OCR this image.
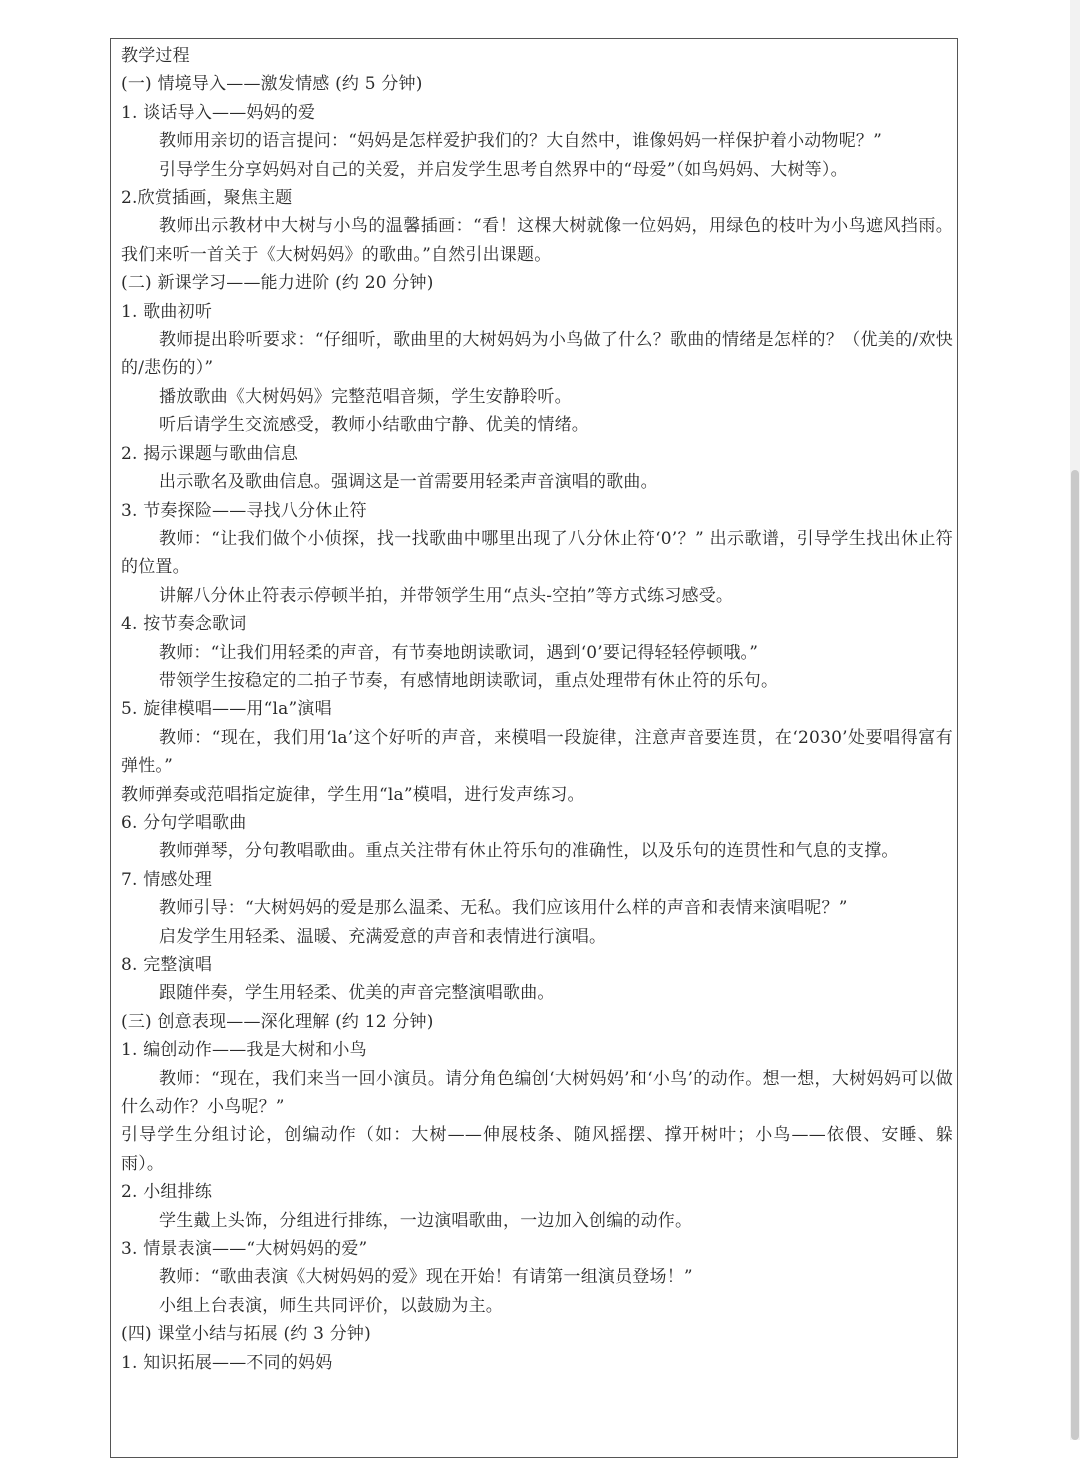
教学过程
(一) 情境导入——激发情感 (约 5 分钟)
1. 谈话导入——妈妈的爱
教师用亲切的语言提问：“妈妈是怎样爱护我们的？大自然中，谁像妈妈一样保护着小动物呢？”
引导学生分享妈妈对自己的关爱，并启发学生思考自然界中的“母爱”（如鸟妈妈、大树等）。
2.欣赏插画，聚焦主题
教师出示教材中大树与小鸟的温馨插画：“看！这棵大树就像一位妈妈，用绿色的枝叶为小鸟遮风挡雨。我们来听一首关于《大树妈妈》的歌曲。”自然引出课题。
(二) 新课学习——能力进阶 (约 20 分钟)
1. 歌曲初听
教师提出聆听要求：“仔细听，歌曲里的大树妈妈为小鸟做了什么？歌曲的情绪是怎样的？（优美的/欢快的/悲伤的）”
播放歌曲《大树妈妈》完整范唱音频，学生安静聆听。
听后请学生交流感受，教师小结歌曲宁静、优美的情绪。
2. 揭示课题与歌曲信息
出示歌名及歌曲信息。强调这是一首需要用轻柔声音演唱的歌曲。
3. 节奏探险——寻找八分休止符
教师：“让我们做个小侦探，找一找歌曲中哪里出现了八分休止符‘0’？” 出示歌谱，引导学生找出休止符的位置。
讲解八分休止符表示停顿半拍，并带领学生用“点头-空拍”等方式练习感受。
4. 按节奏念歌词
教师：“让我们用轻柔的声音，有节奏地朗读歌词，遇到‘0’要记得轻轻停顿哦。”
带领学生按稳定的二拍子节奏，有感情地朗读歌词，重点处理带有休止符的乐句。
5. 旋律模唱——用“la”演唱
教师：“现在，我们用‘la’这个好听的声音，来模唱一段旋律，注意声音要连贯，在‘2030’处要唱得富有弹性。”
教师弹奏或范唱指定旋律，学生用“la”模唱，进行发声练习。
6. 分句学唱歌曲
教师弹琴，分句教唱歌曲。重点关注带有休止符乐句的准确性，以及乐句的连贯性和气息的支撑。
7. 情感处理
教师引导：“大树妈妈的爱是那么温柔、无私。我们应该用什么样的声音和表情来演唱呢？”
启发学生用轻柔、温暖、充满爱意的声音和表情进行演唱。
8. 完整演唱
跟随伴奏，学生用轻柔、优美的声音完整演唱歌曲。
(三) 创意表现——深化理解 (约 12 分钟)
1. 编创动作——我是大树和小鸟
教师：“现在，我们来当一回小演员。请分角色编创‘大树妈妈’和‘小鸟’的动作。想一想，大树妈妈可以做什么动作？小鸟呢？”
引导学生分组讨论，创编动作（如：大树——伸展枝条、随风摇摆、撑开树叶；小鸟——依偎、安睡、躲雨）。
2. 小组排练
学生戴上头饰，分组进行排练，一边演唱歌曲，一边加入创编的动作。
3. 情景表演——“大树妈妈的爱”
教师：“歌曲表演《大树妈妈的爱》现在开始！有请第一组演员登场！”
小组上台表演，师生共同评价，以鼓励为主。
(四) 课堂小结与拓展 (约 3 分钟)
1. 知识拓展——不同的妈妈
